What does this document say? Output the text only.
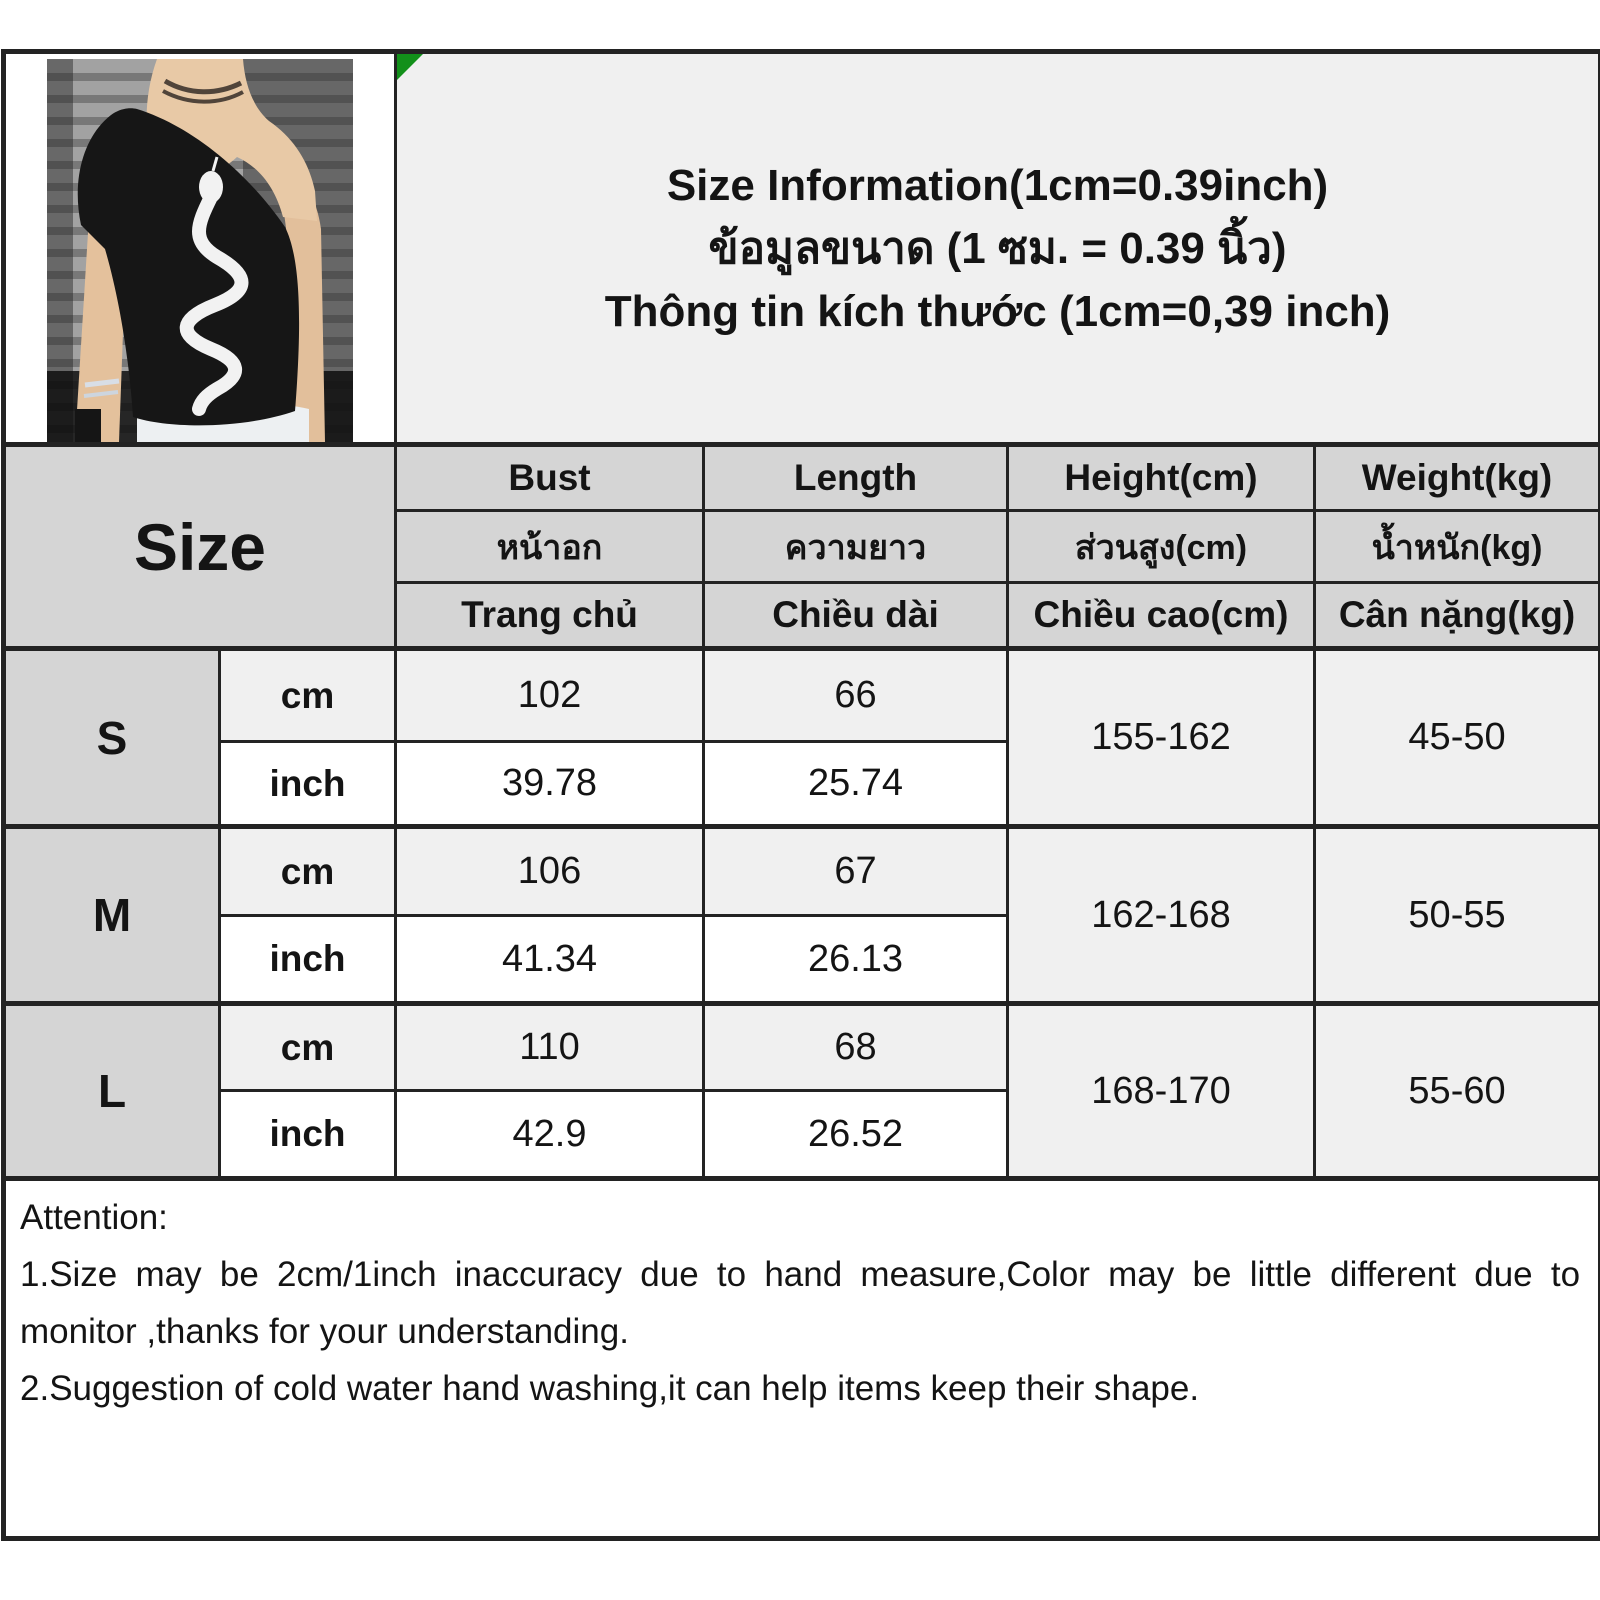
Size Information(1cm=0.39inch)
ข้อมูลขนาด (1 ซม. = 0.39 นิ้ว)
Thông tin kích thước (1cm=0,39 inch)			

Size		Bust	Length	Height(cm)	Weight(kg)
		หน้าอก	ความยาว	ส่วนสูง(cm)	น้ำหนัก(kg)
		Trang chủ	Chiều dài	Chiều cao(cm)	Cân nặng(kg)
S	cm	102	66	155-162	45-50
	inch	39.78	25.74		
M	cm	106	67	162-168	50-55
	inch	41.34	26.13		
L	cm	110	68	168-170	55-60
	inch	42.9	26.52		

Attention:

1.Size may be 2cm/1inch inaccuracy due to hand measure,Color may be little different due to monitor ,thanks for your understanding.

2.Suggestion of cold water hand washing,it can help items keep their shape.					
